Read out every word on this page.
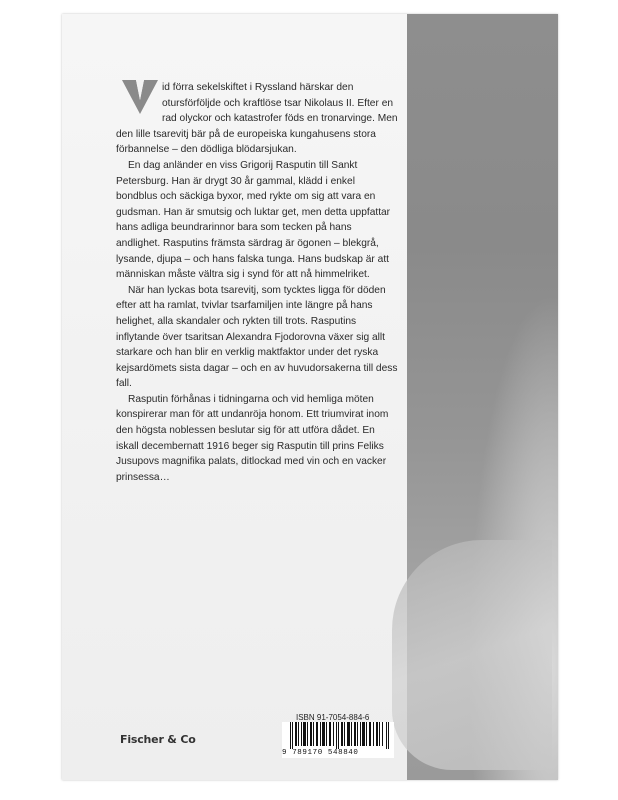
id förra sekelskiftet i Ryssland härskar den otursförföljde och kraftlöse tsar Nikolaus II. Efter en rad olyckor och katastrofer föds en tronarvinge. Men den lille tsarevitj bär på de europeiska kungahusens stora förbannelse – den dödliga blödarsjukan.

En dag anländer en viss Grigorij Rasputin till Sankt Petersburg. Han är drygt 30 år gammal, klädd i enkel bondblus och säckiga byxor, med rykte om sig att vara en gudsman. Han är smutsig och luktar get, men detta uppfattar hans adliga beundrarinnor bara som tecken på hans andlighet. Rasputins främsta särdrag är ögonen – blekgrå, lysande, djupa – och hans falska tunga. Hans budskap är att människan måste vältra sig i synd för att nå himmelriket.

När han lyckas bota tsarevitj, som tycktes ligga för döden efter att ha ramlat, tvivlar tsarfamiljen inte längre på hans helighet, alla skandaler och rykten till trots. Rasputins inflytande över tsaritsan Alexandra Fjodorovna växer sig allt starkare och han blir en verklig maktfaktor under det ryska kejsardömets sista dagar – och en av huvudorsakerna till dess fall.

Rasputin förhånas i tidningarna och vid hemliga möten konspirerar man för att undanröja honom. Ett triumvirat inom den högsta noblessen beslutar sig för att utföra dådet. En iskall decembernatt 1916 beger sig Rasputin till prins Feliks Jusupovs magnifika palats, ditlockad med vin och en vacker prinsessa…

Fischer & Co
ISBN 91-7054-884-6
9 789170 548840
